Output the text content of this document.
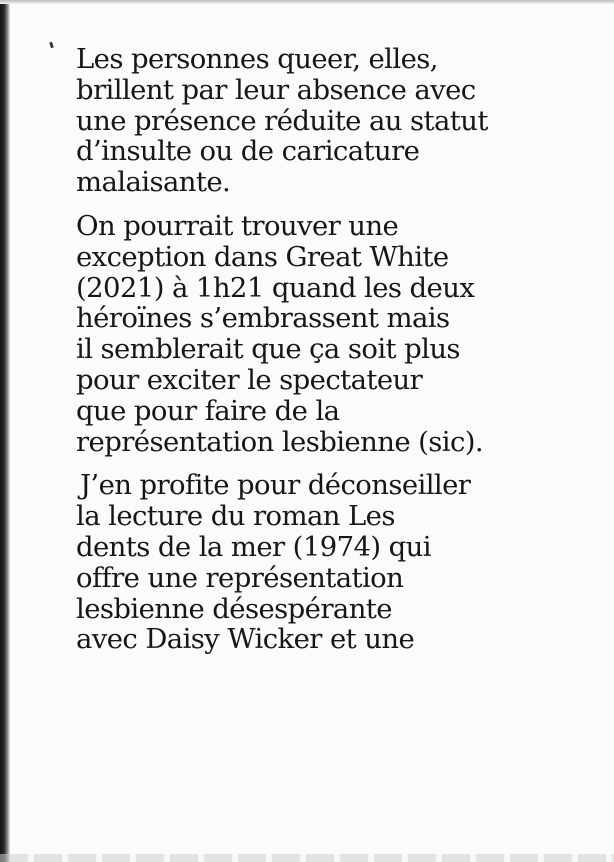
Les personnes queer, elles,
brillent par leur absence avec
une présence réduite au statut
d’insulte ou de caricature
malaisante.

On pourrait trouver une
exception dans Great White
(2021) à 1h21 quand les deux
héroïnes s’embrassent mais
il semblerait que ça soit plus
pour exciter le spectateur
que pour faire de la
représentation lesbienne (sic).

J’en profite pour déconseiller
la lecture du roman Les
dents de la mer (1974) qui
offre une représentation
lesbienne désespérante
avec Daisy Wicker et une
